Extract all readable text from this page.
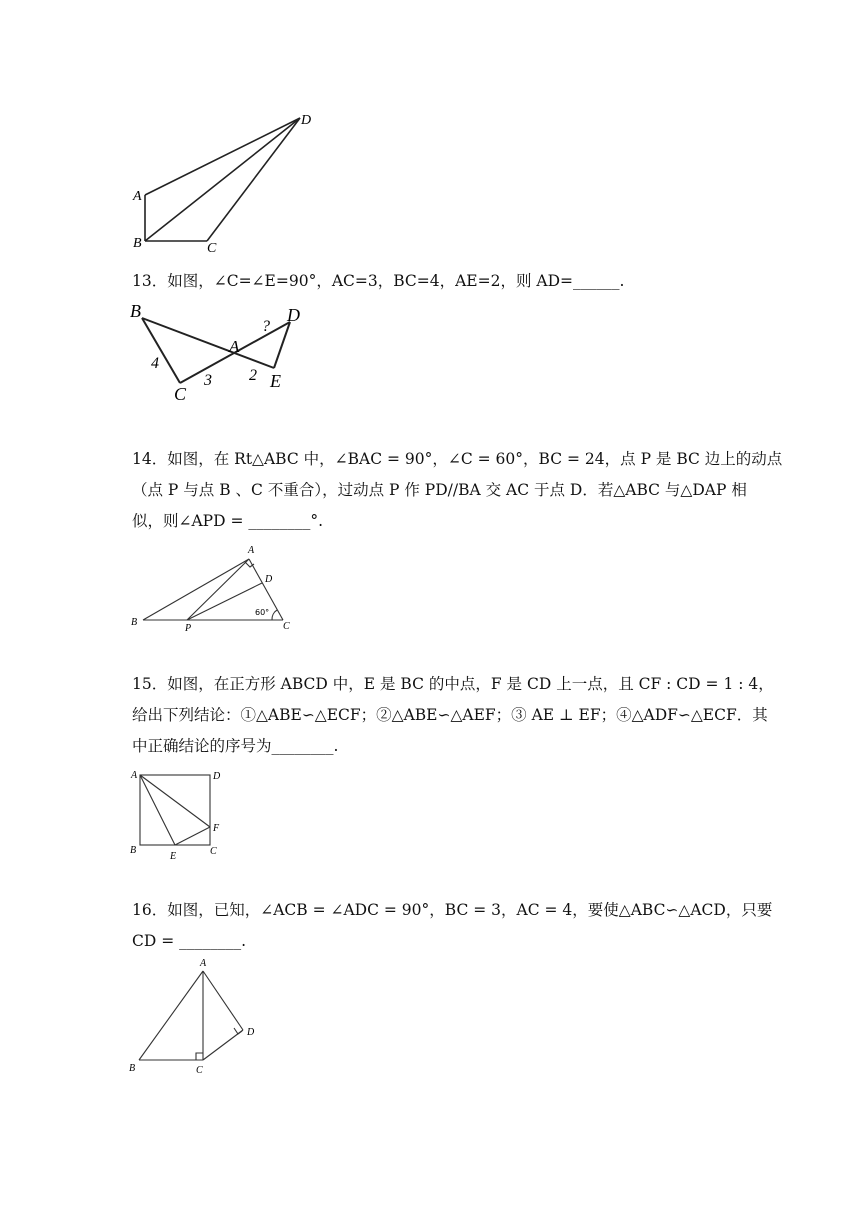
D
A
B	C
13．如图，∠C=∠E=90°，AC=3，BC=4，AE=2，则 AD=______.
B	D
A
?
4
3 2
C
E
14．如图，在 Rt△ABC 中，∠BAC = 90°，∠C = 60°，BC = 24，点 P 是 BC 边上的动点
（点 P 与点 B 、C 不重合），过动点 P 作 PD//BA 交 AC 于点 D．若△ABC 与△DAP 相
似，则∠APD = ________°.
A
D
B
P	C
60°
15．如图，在正方形 ABCD 中，E 是 BC 的中点，F 是 CD 上一点，且 CF : CD = 1 : 4，
给出下列结论：①△ABE∽△ECF；②△ABE∽△AEF；③ AE ⊥ EF；④△ADF∽△ECF．其
中正确结论的序号为________.
A	D
F
B
E	C
16．如图，已知，∠ACB = ∠ADC = 90°，BC = 3，AC = 4，要使△ABC∽△ACD，只要
CD = ________.
A
D
B	C
